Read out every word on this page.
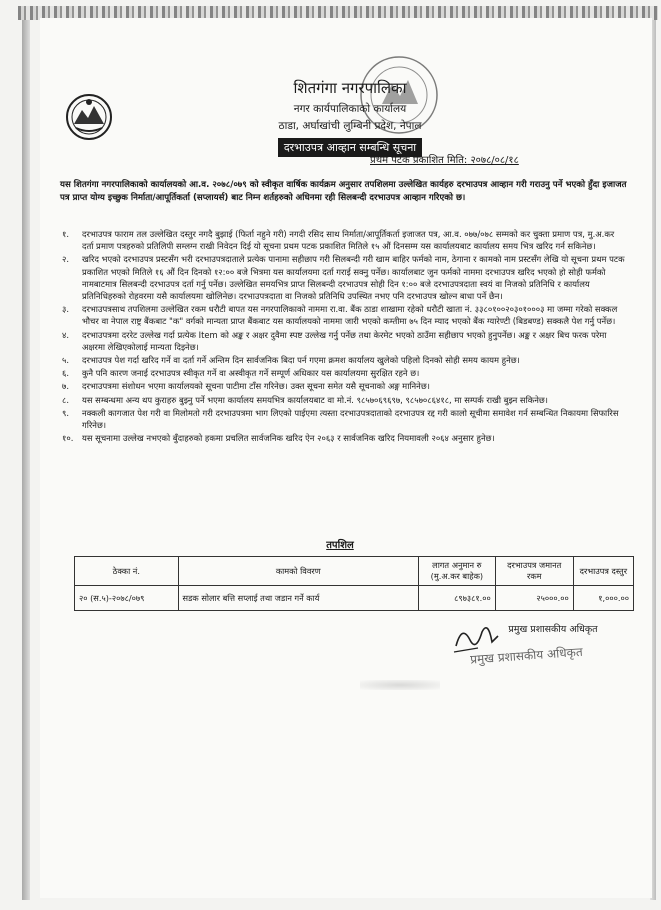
शितगंगा नगरपालिका

नगर कार्यपालिकाको कार्यालय

ठाडा, अर्घाखांची लुम्बिनी प्रदेश, नेपाल

दरभाउपत्र आव्हान सम्बन्धि सूचना
प्रथम पटक प्रकाशित मिति: २०७८/०८/१८

यस शितगंगा नगरपालिकाको कार्यालयको आ.व. २०७८/०७९ को स्वीकृत वार्षिक कार्यक्रम अनुसार तपशिलमा उल्लेखित कार्यहरु दरभाउपत्र आव्हान गरी गराउनु पर्ने भएको हुँदा इजाजत पत्र प्राप्त योग्य इच्छुक निर्माता/आपूर्तिकर्ता (सप्लायर्स) बाट निम्न शर्तहरुको अधिनमा रही सिलबन्दी दरभाउपत्र आव्हान गरिएको छ।

१. दरभाउपत्र फाराम तल उल्लेखित दस्तुर नगदै बुझाई (फिर्ता नहुने गरी) नगदी रसिद साथ निर्माता/आपूर्तिकर्ता इजाजत पत्र, आ.व. ०७७/०७८ सम्मको कर चुक्ता प्रमाण पत्र, मु.अ.कर दर्ता प्रमाण पत्रहरुको प्रतिलिपी सम्लग्न राखी निवेदन दिई यो सूचना प्रथम पटक प्रकाशित मितिले १५ औं दिनसम्म यस कार्यालयबाट कार्यालय समय भित्र खरिद गर्न सकिनेछ।
२. खरिद भएको दरभाउपत्र प्रस्टसँग भरी दरभाउपत्रदाताले प्रत्येक पानामा सहीछाप गरी सिलबन्दी गरी खाम बाहिर फर्मको नाम, ठेगाना र कामको नाम प्रस्टसँग लेखि यो सूचना प्रथम पटक प्रकाशित भएको मितिले १६ औं दिन दिनको १२:०० बजे भित्रमा यस कार्यालयमा दर्ता गराई सक्नु पर्नेछ। कार्यालबाट जुन फर्मको नाममा दरभाउपत्र खरिद भएको हो सोही फर्मको नामबाटमात्र सिलबन्दी दरभाउपत्र दर्ता गर्नु पर्नेछ। उल्लेखित समयभित्र प्राप्त सिलबन्दी दरभाउपत्र सोही दिन १:०० बजे दरभाउपत्रदाता स्वयं वा निजको प्रतिनिधि र कार्यालय प्रतिनिधिहरुको रोहवरमा यसै कार्यालयमा खोलिनेछ। दरभाउपत्रदाता वा निजको प्रतिनिधि उपस्थित नभए पनि दरभाउपत्र खोल्न बाधा पर्ने छैन।
३. दरभाउपत्रसाथ तपशिलमा उल्लेखित रकम धरौटी बापत यस नगरपालिकाको नाममा रा.वा. बैंक ठाडा शाखामा रहेको धरौटी खाता नं. ३३८०१००२०३०१०००३ मा जम्मा गरेको सक्कल भौचर वा नेपाल राष्ट्र बैंकबाट "क" वर्गको मान्यता प्राप्त बैंकबाट यस कार्यालयको नाममा जारी भएको कम्तीमा ७५ दिन म्याद भएको बैंक ग्यारेण्टी (बिडबण्ड) सक्कलै पेश गर्नु पर्नेछ।
४. दरभाउपत्रमा दररेट उल्लेख गर्दा प्रत्येक Item को अङ्क र अक्षर दुवैमा स्पष्ट उल्लेख गर्नु पर्नेछ तथा केरमेट भएको ठाउँमा सहीछाप भएको हुनुपर्नेछ। अङ्क र अक्षर बिच फरक परेमा अक्षरमा लेखिएकोलाई मान्यता दिइनेछ।
५. दरभाउपत्र पेश गर्दा खरिद गर्ने वा दर्ता गर्ने अन्तिम दिन सार्वजनिक बिदा पर्न गएमा क्रमश कार्यालय खुलेको पहिलो दिनको सोही समय कायम हुनेछ।
६. कुनै पनि कारण जनाई दरभाउपत्र स्वीकृत गर्ने वा अस्वीकृत गर्ने सम्पूर्ण अधिकार यस कार्यालयमा सुरक्षित रहने छ।
७. दरभाउपत्रमा संशोधन भएमा कार्यालयको सूचना पाटीमा टाँस गरिनेछ। उक्त सूचना समेत यसै सूचनाको अङ्ग मानिनेछ।
८. यस सम्बन्धमा अन्य थप कुराहरु बुझ्नु पर्ने भएमा कार्यालय समयभित्र कार्यालयबाट वा मो.नं. ९८५७०६९६९७, ९८५७०८६४१८, मा सम्पर्क राखी बुझ्न सकिनेछ।
९. नक्कली कागजात पेश गरी वा मिलोमतो गरी दरभाउपत्रमा भाग लिएको पाईएमा त्यस्ता दरभाउपत्रदाताको दरभाउपत्र रद्द गरी कालो सूचीमा समावेश गर्न सम्बन्धित निकायमा सिफारिस गरिनेछ।
१०. यस सूचनामा उल्लेख नभएको बुँदाहरुको हकमा प्रचलित सार्वजनिक खरिद ऐन २०६३ र सार्वजनिक खरिद नियमावली २०६४ अनुसार हुनेछ।
तपशिल
ठेक्का नं.	कामको विवरण	लागत अनुमान रु (मु.अ.कर बाहेक)	दरभाउपत्र जमानत रकम	दरभाउपत्र दस्तुर
२० (स.५)-२०७८/०७९	सडक सोलार बत्ति सप्लाई तथा जडान गर्ने कार्य	८९७३८१.००	२५०००.००	१,०००.००
प्रमुख प्रशासकीय अधिकृत
प्रमुख प्रशासकीय अधिकृत
